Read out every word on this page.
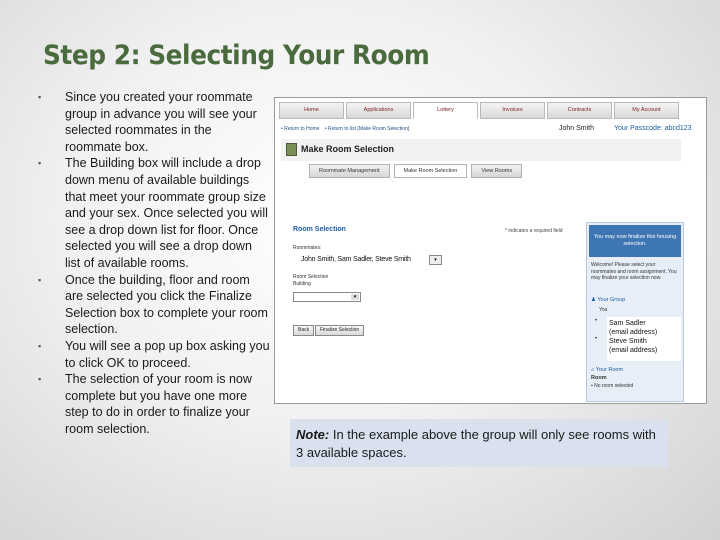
Step 2: Selecting Your Room
▪ Since you created your roommate group in advance you will see your selected roommates in the roommate box.
▪ The Building box will include a drop down menu of available buildings that meet your roommate group size and your sex. Once selected you will see a drop down list for floor. Once selected you will see a drop down list of available rooms.
▪ Once the building, floor and room are selected you click the Finalize Selection box to complete your room selection.
▪ You will see a pop up box asking you to click OK to proceed.
▪ The selection of your room is now complete but you have one more step to do in order to finalize your room selection.
Home	Applications	Lottery	Invoices	Contracts	My Account
• Return to Home • Return to list [Make Room Selection]	John Smith	Your Passcode: abcd123
Make Room Selection
Roommate Management	Make Room Selection	View Rooms
Room Selection	* indicates a required field
Roommates:
John Smith, Sam Sadler, Steve Smith	▾
Room Selection
Building
▾
Back	Finalize Selection
You may now finalize this housing selection.
Welcome! Please select your roommates and room assignment. You may finalize your selection now.
♟ Your Group
You
• Sam Sadler
(email address)
• Steve Smith
(email address)
⌂ Your Room
Room
• No room selected
Note: In the example above the group will only see rooms with 3 available spaces.
